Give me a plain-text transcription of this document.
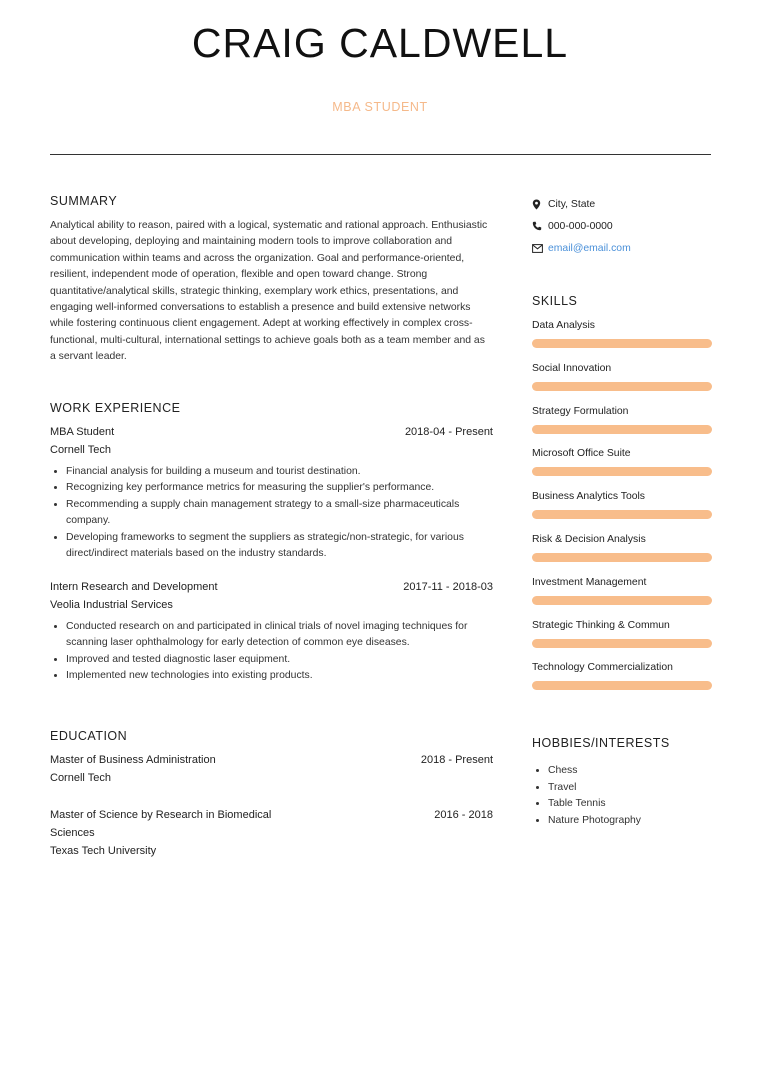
CRAIG CALDWELL
MBA STUDENT
SUMMARY

Analytical ability to reason, paired with a logical, systematic and rational approach. Enthusiastic about developing, deploying and maintaining modern tools to improve collaboration and communication within teams and across the organization. Goal and performance-oriented, resilient, independent mode of operation, flexible and open toward change. Strong quantitative/analytical skills, strategic thinking, exemplary work ethics, presentations, and engaging well-informed conversations to establish a presence and build extensive networks while fostering continuous client engagement. Adept at working effectively in complex cross-functional, multi-cultural, international settings to achieve goals both as a team member and as a servant leader.

WORK EXPERIENCE
MBA Student	2018-04 - Present
Cornell Tech
• Financial analysis for building a museum and tourist destination.
• Recognizing key performance metrics for measuring the supplier's performance.
• Recommending a supply chain management strategy to a small-size pharmaceuticals company.
• Developing frameworks to segment the suppliers as strategic/non-strategic, for various direct/indirect materials based on the industry standards.
Intern Research and Development	2017-11 - 2018-03
Veolia Industrial Services
• Conducted research on and participated in clinical trials of novel imaging techniques for scanning laser ophthalmology for early detection of common eye diseases.
• Improved and tested diagnostic laser equipment.
• Implemented new technologies into existing products.
EDUCATION
Master of Business Administration	2018 - Present
Cornell Tech
Master of Science by Research in Biomedical Sciences
2016 - 2018
Texas Tech University
City, State
000-000-0000
email@email.com
SKILLS
Data Analysis
Social Innovation
Strategy Formulation
Microsoft Office Suite
Business Analytics Tools
Risk & Decision Analysis
Investment Management
Strategic Thinking & Commun
Technology Commercialization
HOBBIES/INTERESTS
• Chess
• Travel
• Table Tennis
• Nature Photography
